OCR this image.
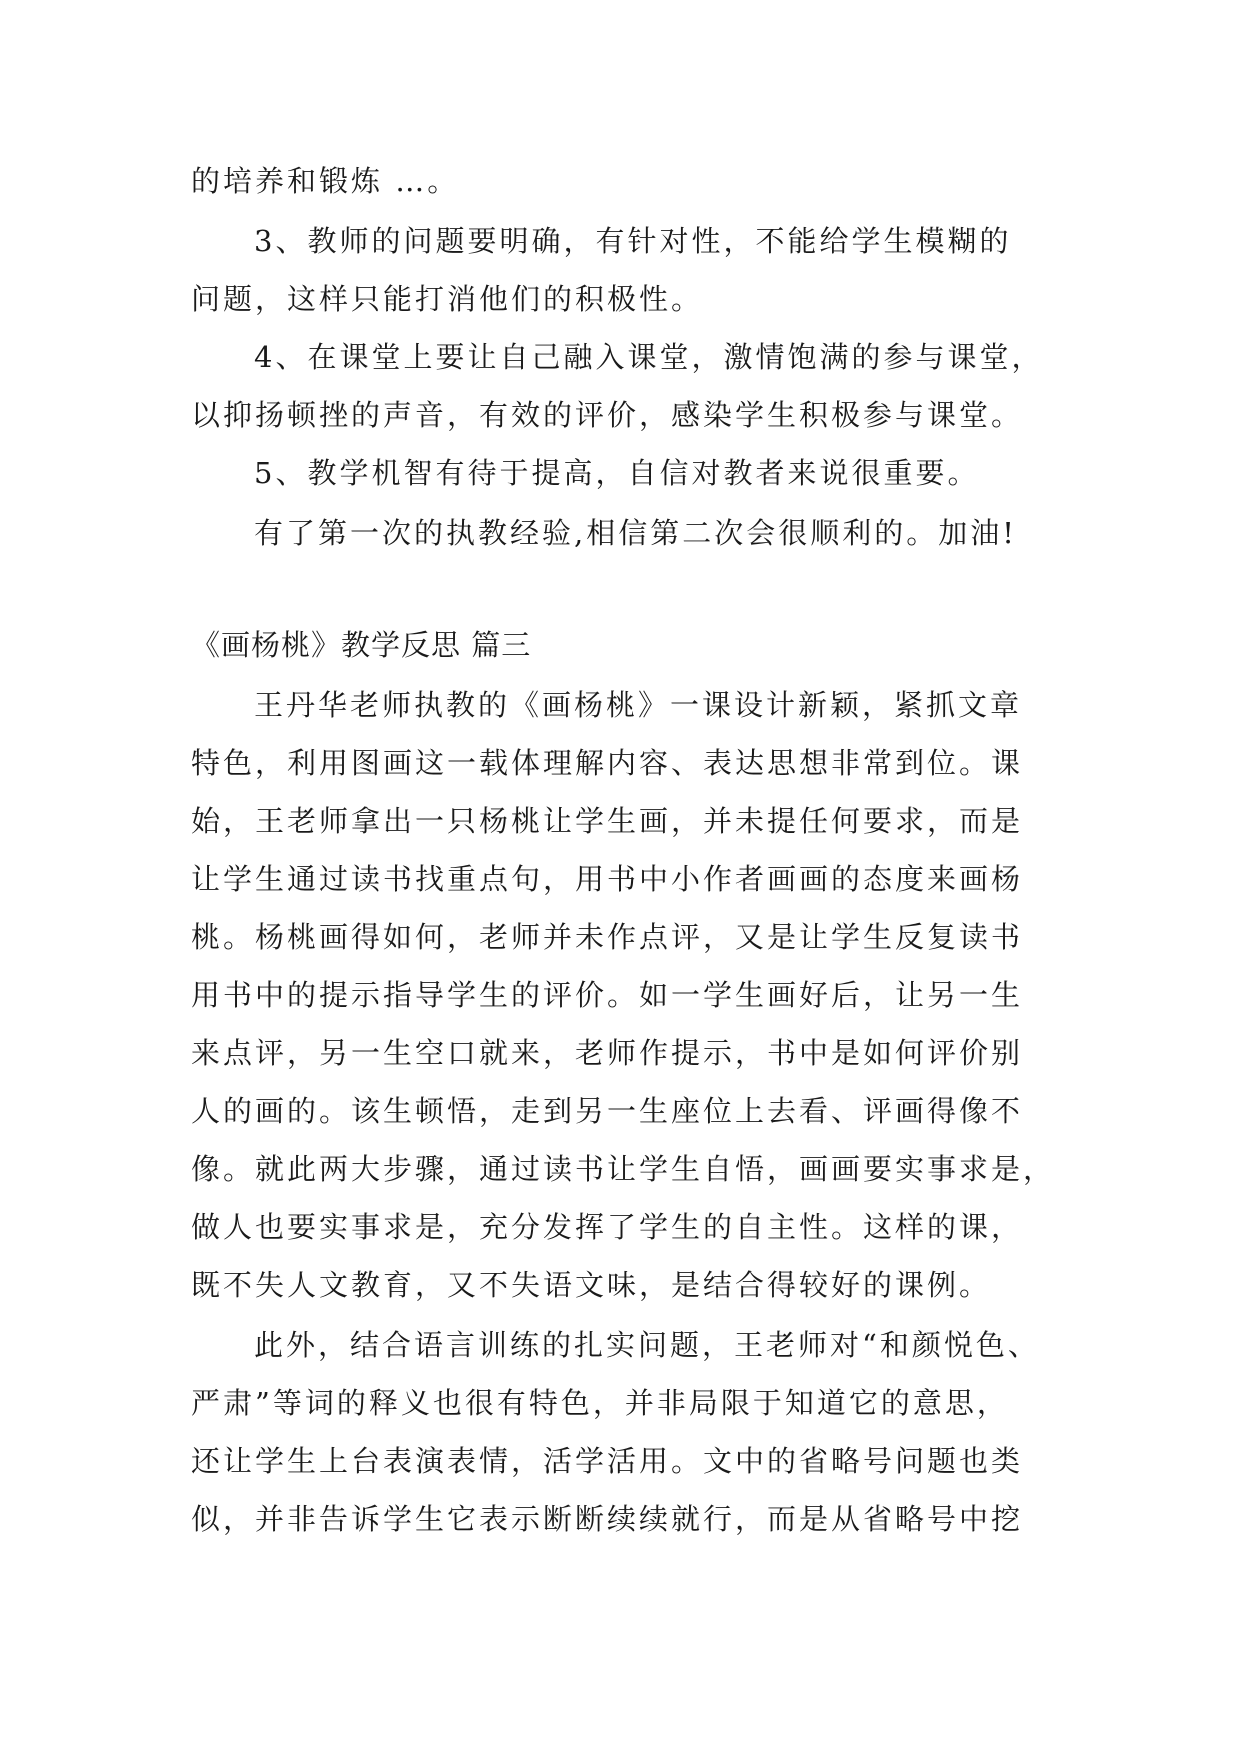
的培养和锻炼 …。
3、教师的问题要明确，有针对性，不能给学生模糊的
问题，这样只能打消他们的积极性。
4、在课堂上要让自己融入课堂，激情饱满的参与课堂，
以抑扬顿挫的声音，有效的评价，感染学生积极参与课堂。
5、教学机智有待于提高，自信对教者来说很重要。
有了第一次的执教经验,相信第二次会很顺利的。加油!
《画杨桃》教学反思 篇三
王丹华老师执教的《画杨桃》一课设计新颖，紧抓文章
特色，利用图画这一载体理解内容、表达思想非常到位。课
始，王老师拿出一只杨桃让学生画，并未提任何要求，而是
让学生通过读书找重点句，用书中小作者画画的态度来画杨
桃。杨桃画得如何，老师并未作点评，又是让学生反复读书
用书中的提示指导学生的评价。如一学生画好后，让另一生
来点评，另一生空口就来，老师作提示，书中是如何评价别
人的画的。该生顿悟，走到另一生座位上去看、评画得像不
像。就此两大步骤，通过读书让学生自悟，画画要实事求是，
做人也要实事求是，充分发挥了学生的自主性。这样的课，
既不失人文教育，又不失语文味，是结合得较好的课例。
此外，结合语言训练的扎实问题，王老师对“和颜悦色、
严肃”等词的释义也很有特色，并非局限于知道它的意思，
还让学生上台表演表情，活学活用。文中的省略号问题也类
似，并非告诉学生它表示断断续续就行，而是从省略号中挖
